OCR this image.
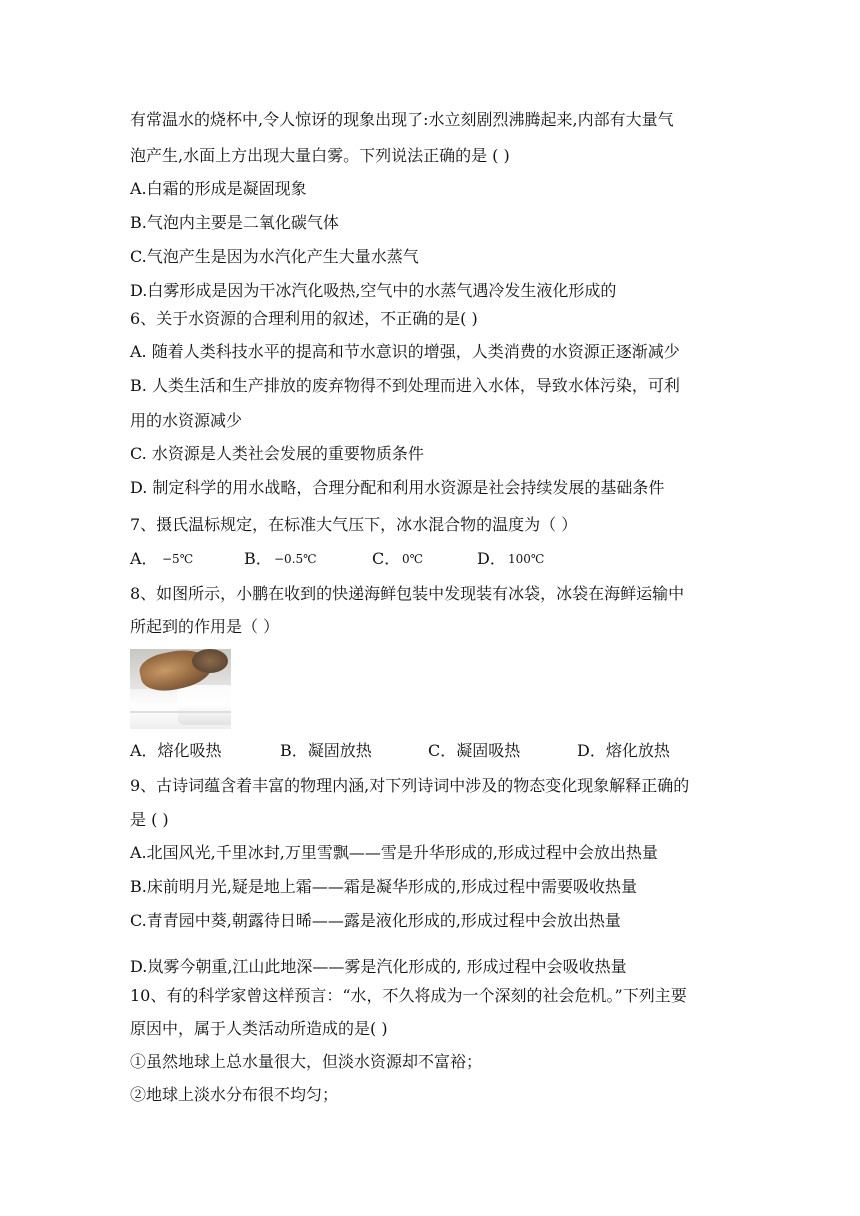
有常温水的烧杯中,令人惊讶的现象出现了:水立刻剧烈沸腾起来,内部有大量气
泡产生,水面上方出现大量白雾。下列说法正确的是 ( )
A.白霜的形成是凝固现象
B.气泡内主要是二氧化碳气体
C.气泡产生是因为水汽化产生大量水蒸气
D.白雾形成是因为干冰汽化吸热,空气中的水蒸气遇冷发生液化形成的
6、关于水资源的合理利用的叙述，不正确的是( )
A. 随着人类科技水平的提高和节水意识的增强，人类消费的水资源正逐渐减少
B. 人类生活和生产排放的废弃物得不到处理而进入水体，导致水体污染，可利
用的水资源减少
C. 水资源是人类社会发展的重要物质条件
D. 制定科学的用水战略，合理分配和利用水资源是社会持续发展的基础条件
7、摄氏温标规定，在标准大气压下，冰水混合物的温度为（ ）
A． −5℃	B． −0.5℃	C． 0℃	D． 100℃
8、如图所示，小鹏在收到的快递海鲜包装中发现装有冰袋，冰袋在海鲜运输中
所起到的作用是（ ）
A．熔化吸热	B．凝固放热	C．凝固吸热	D．熔化放热
9、古诗词蕴含着丰富的物理内涵,对下列诗词中涉及的物态变化现象解释正确的
是 ( )
A.北国风光,千里冰封,万里雪飘——雪是升华形成的,形成过程中会放出热量
B.床前明月光,疑是地上霜——霜是凝华形成的,形成过程中需要吸收热量
C.青青园中葵,朝露待日晞——露是液化形成的,形成过程中会放出热量
D.岚雾今朝重,江山此地深——雾是汽化形成的, 形成过程中会吸收热量
10、有的科学家曾这样预言：“水，不久将成为一个深刻的社会危机。”下列主要
原因中，属于人类活动所造成的是( )
①虽然地球上总水量很大，但淡水资源却不富裕；
②地球上淡水分布很不均匀；
